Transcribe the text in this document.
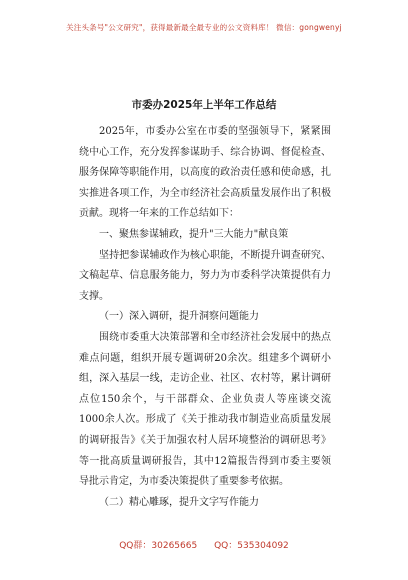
关注头条号"公文研究"，获得最新最全最专业的公文资料库！ 微信：gongwenyj
市委办2025年上半年工作总结

2025年，市委办公室在市委的坚强领导下，紧紧围绕中心工作，充分发挥参谋助手、综合协调、督促检查、服务保障等职能作用，以高度的政治责任感和使命感，扎实推进各项工作，为全市经济社会高质量发展作出了积极贡献。现将一年来的工作总结如下：

一、聚焦参谋辅政，提升"三大能力"献良策

坚持把参谋辅政作为核心职能，不断提升调查研究、文稿起草、信息服务能力，努力为市委科学决策提供有力支撑。

（一）深入调研，提升洞察问题能力

围绕市委重大决策部署和全市经济社会发展中的热点难点问题，组织开展专题调研20余次。组建多个调研小组，深入基层一线，走访企业、社区、农村等，累计调研点位150余个，与干部群众、企业负责人等座谈交流1000余人次。形成了《关于推动我市制造业高质量发展的调研报告》《关于加强农村人居环境整治的调研思考》等一批高质量调研报告，其中12篇报告得到市委主要领导批示肯定，为市委决策提供了重要参考依据。

（二）精心雕琢，提升文字写作能力

QQ群：30265665 QQ：535304092
